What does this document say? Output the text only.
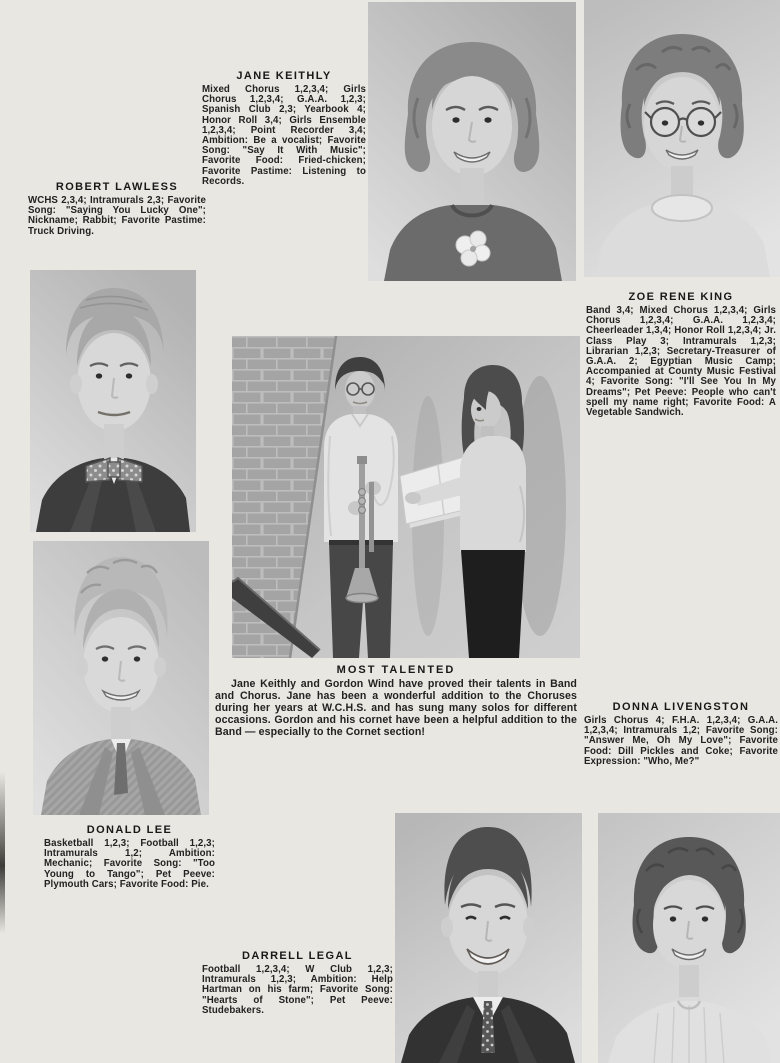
JANE KEITHLY

Mixed Chorus 1,2,3,4; Girls Chorus 1,2,3,4; G.A.A. 1,2,3; Spanish Club 2,3; Yearbook 4; Honor Roll 3,4; Girls Ensemble 1,2,3,4; Point Recorder 3,4; Ambition: Be a vocalist; Favorite Song: "Say It With Music"; Favorite Food: Fried-chicken; Favorite Pastime: Listening to Records.

ROBERT LAWLESS

WCHS 2,3,4; Intramurals 2,3; Favorite Song: "Saying You Lucky One"; Nickname; Rabbit; Favorite Pastime: Truck Driving.

ZOE RENE KING

Band 3,4; Mixed Chorus 1,2,3,4; Girls Chorus 1,2,3,4; G.A.A. 1,2,3,4; Cheerleader 1,3,4; Honor Roll 1,2,3,4; Jr. Class Play 3; Intramurals 1,2,3; Librarian 1,2,3; Secretary-Treasurer of G.A.A. 2; Egyptian Music Camp; Accompanied at County Music Festival 4; Favorite Song: "I'll See You In My Dreams"; Pet Peeve: People who can't spell my name right; Favorite Food: A Vegetable Sandwich.

MOST TALENTED

Jane Keithly and Gordon Wind have proved their talents in Band and Chorus. Jane has been a wonderful addition to the Choruses during her years at W.C.H.S. and has sung many solos for different occasions. Gordon and his cornet have been a helpful addition to the Band — especially to the Cornet section!

DONNA LIVENGSTON

Girls Chorus 4; F.H.A. 1,2,3,4; G.A.A. 1,2,3,4; Intramurals 1,2; Favorite Song: "Answer Me, Oh My Love"; Favorite Food: Dill Pickles and Coke; Favorite Expression: "Who, Me?"

DONALD LEE

Basketball 1,2,3; Football 1,2,3; Intramurals 1,2; Ambition: Mechanic; Favorite Song: "Too Young to Tango"; Pet Peeve: Plymouth Cars; Favorite Food: Pie.

DARRELL LEGAL

Football 1,2,3,4; W Club 1,2,3; Intramurals 1,2,3; Ambition: Help Hartman on his farm; Favorite Song: "Hearts of Stone"; Pet Peeve: Studebakers.
